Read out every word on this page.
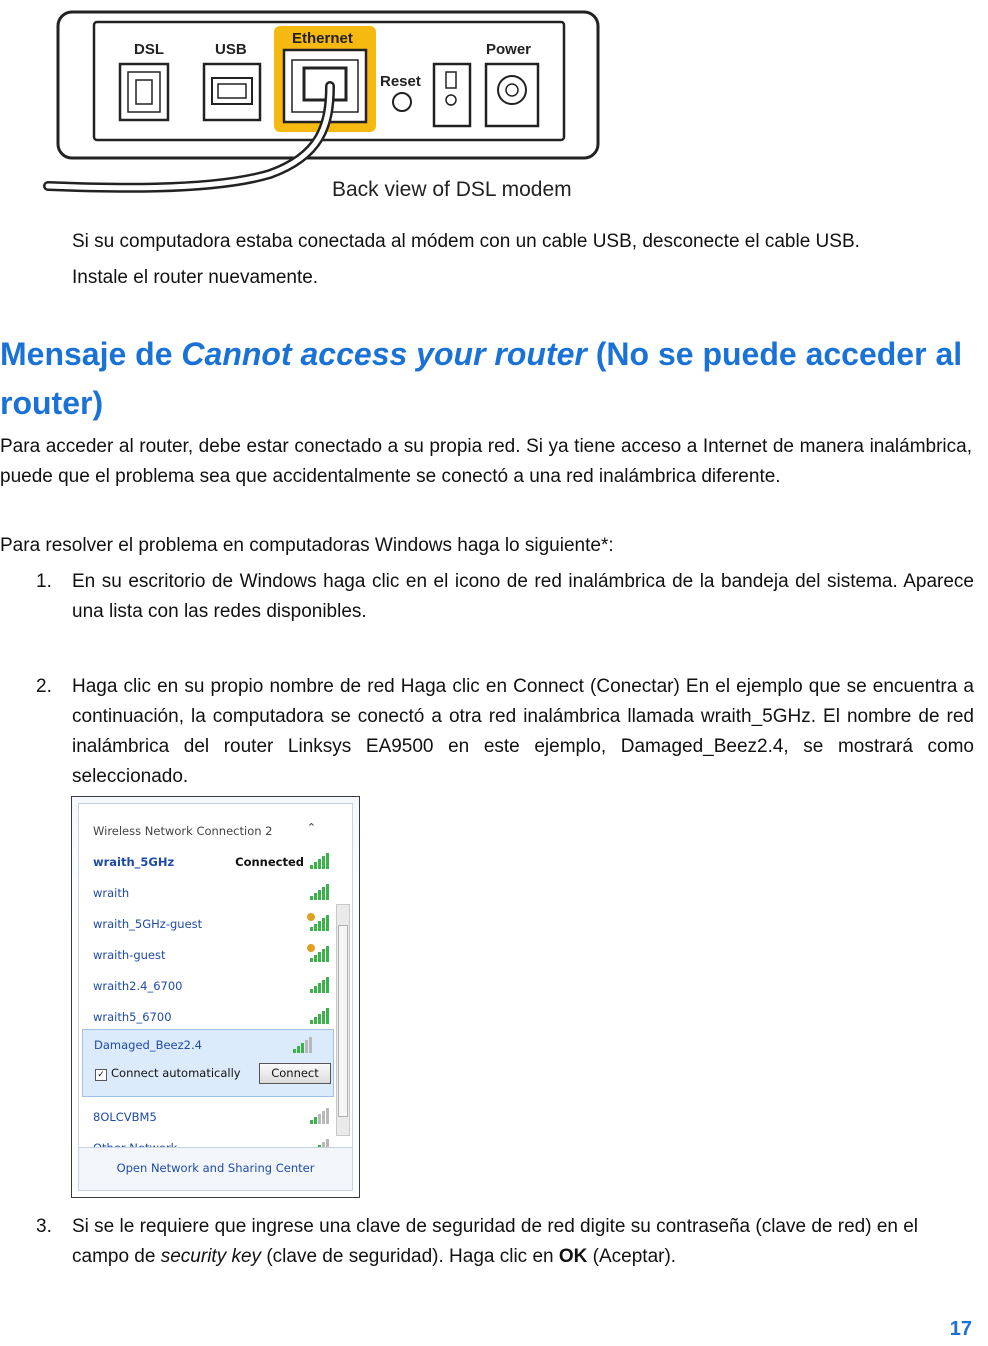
DSL	USB
Ethernet
Reset
Power
Back view of DSL modem

Si su computadora estaba conectada al módem con un cable USB, desconecte el cable USB.

Instale el router nuevamente.

Mensaje de Cannot access your router (No se puede acceder al router)

Para acceder al router, debe estar conectado a su propia red. Si ya tiene acceso a Internet de manera inalámbrica, puede que el problema sea que accidentalmente se conectó a una red inalámbrica diferente.

Para resolver el problema en computadoras Windows haga lo siguiente*:

1. En su escritorio de Windows haga clic en el icono de red inalámbrica de la bandeja del sistema. Aparece una lista con las redes disponibles.

2. Haga clic en su propio nombre de red Haga clic en Connect (Conectar) En el ejemplo que se encuentra a continuación, la computadora se conectó a otra red inalámbrica llamada wraith_5GHz. El nombre de red inalámbrica del router Linksys EA9500 en este ejemplo, Damaged_Beez2.4, se mostrará como seleccionado.

Wireless Network Connection 2	⌃
wraith_5GHz	Connected
wraith
wraith_5GHz-guest
wraith-guest
wraith2.4_6700
wraith5_6700
Damaged_Beez2.4
✓ Connect automatically	Connect
8OLCVBM5
Open Network and Sharing Center
3. Si se le requiere que ingrese una clave de seguridad de red digite su contraseña (clave de red) en el campo de security key (clave de seguridad). Haga clic en OK (Aceptar).

17
